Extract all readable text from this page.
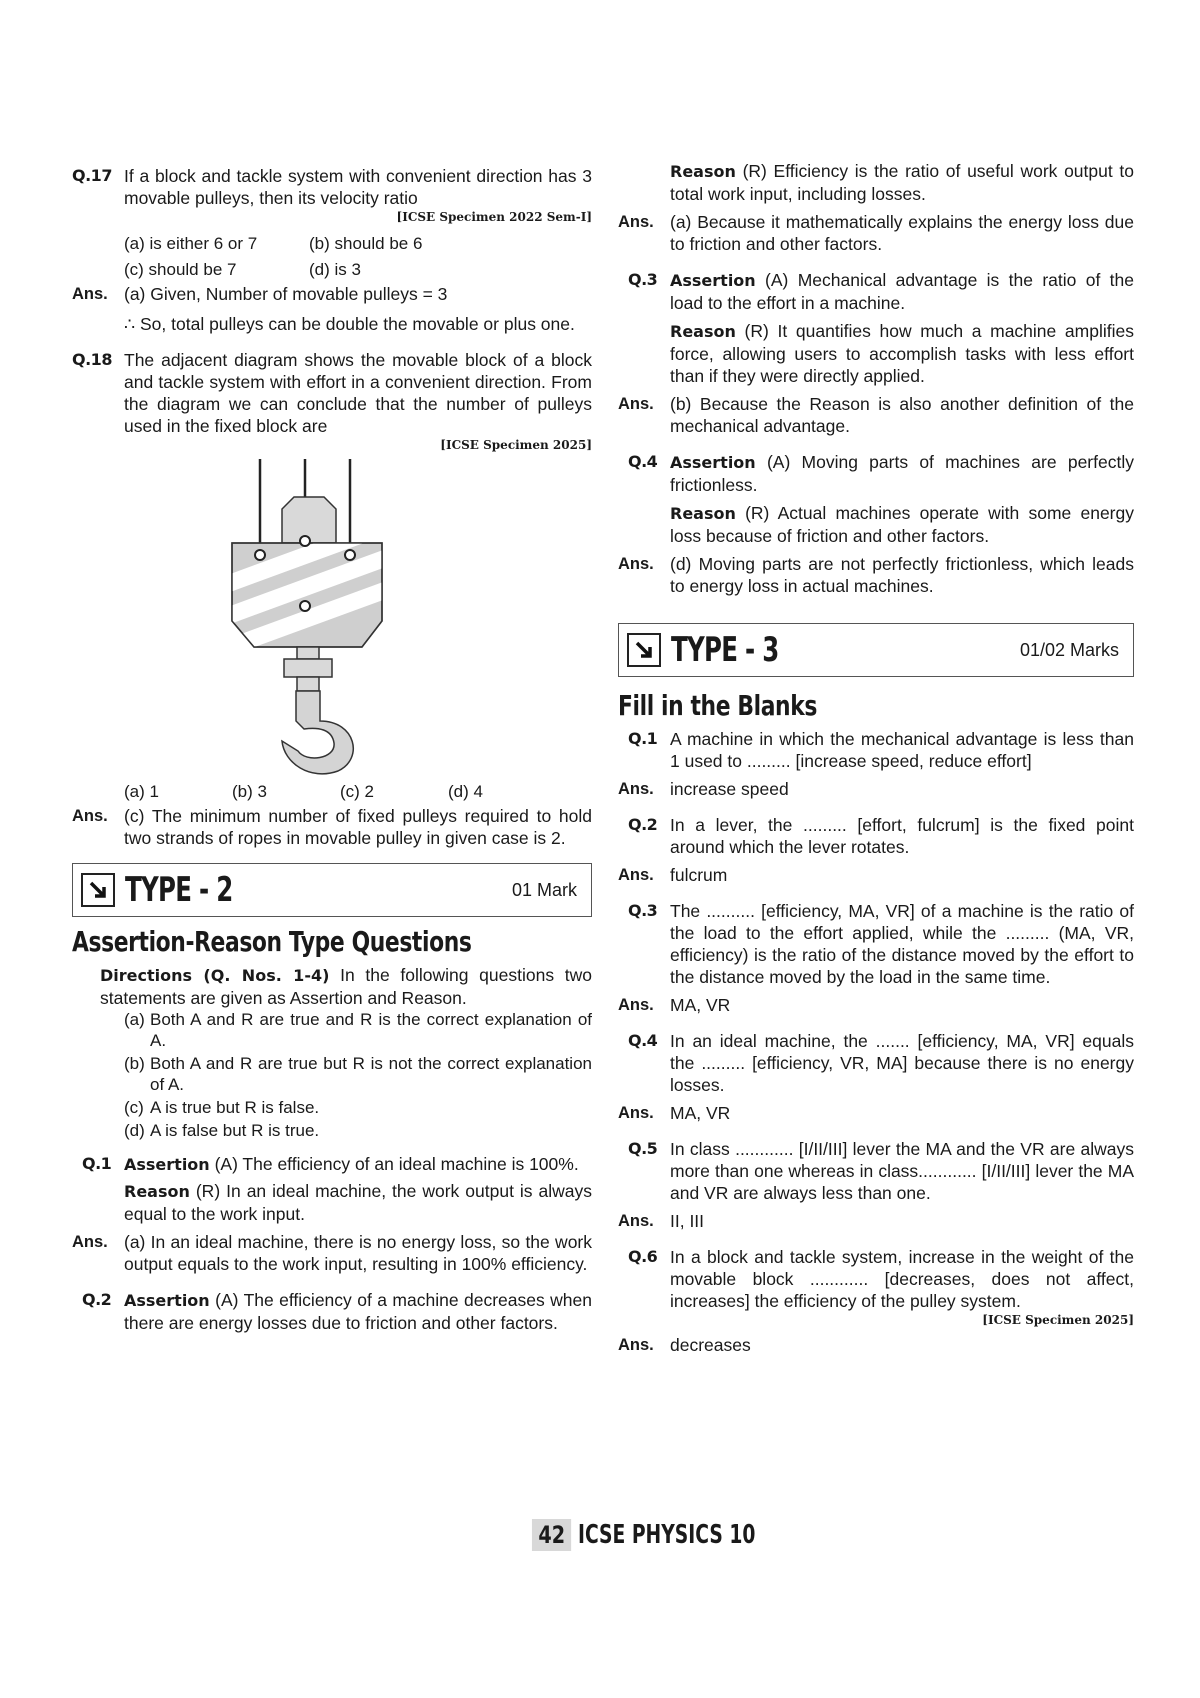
Q.17 If a block and tackle system with convenient direction has 3 movable pulleys, then its velocity ratio
[ICSE Specimen 2022 Sem-I]
(a) is either 6 or 7	(b) should be 6
(c) should be 7	(d) is 3
Ans. (a) Given, Number of movable pulleys = 3
∴ So, total pulleys can be double the movable or plus one.
Q.18 The adjacent diagram shows the movable block of a block and tackle system with effort in a convenient direction. From the diagram we can conclude that the number of pulleys used in the fixed block are
[ICSE Specimen 2025]
(a) 1	(b) 3	(c) 2	(d) 4
Ans. (c) The minimum number of fixed pulleys required to hold two strands of ropes in movable pulley in given case is 2.
TYPE - 2	01 Mark
Assertion-Reason Type Questions
Directions (Q. Nos. 1-4) In the following questions two statements are given as Assertion and Reason.
(a) Both A and R are true and R is the correct explanation of A.
(b) Both A and R are true but R is not the correct explanation of A.
(c) A is true but R is false.
(d) A is false but R is true.
Q.1 Assertion (A) The efficiency of an ideal machine is 100%.
Reason (R) In an ideal machine, the work output is always equal to the work input.
Ans. (a) In an ideal machine, there is no energy loss, so the work output equals to the work input, resulting in 100% efficiency.
Q.2 Assertion (A) The efficiency of a machine decreases when there are energy losses due to friction and other factors.
Reason (R) Efficiency is the ratio of useful work output to total work input, including losses.
Ans. (a) Because it mathematically explains the energy loss due to friction and other factors.
Q.3 Assertion (A) Mechanical advantage is the ratio of the load to the effort in a machine.
Reason (R) It quantifies how much a machine amplifies force, allowing users to accomplish tasks with less effort than if they were directly applied.
Ans. (b) Because the Reason is also another definition of the mechanical advantage.
Q.4 Assertion (A) Moving parts of machines are perfectly frictionless.
Reason (R) Actual machines operate with some energy loss because of friction and other factors.
Ans. (d) Moving parts are not perfectly frictionless, which leads to energy loss in actual machines.
TYPE - 3	01/02 Marks
Fill in the Blanks
Q.1 A machine in which the mechanical advantage is less than 1 used to ......... [increase speed, reduce effort]
Ans. increase speed
Q.2 In a lever, the ......... [effort, fulcrum] is the fixed point around which the lever rotates.
Ans. fulcrum
Q.3 The .......... [efficiency, MA, VR] of a machine is the ratio of the load to the effort applied, while the ......... (MA, VR, efficiency) is the ratio of the distance moved by the effort to the distance moved by the load in the same time.
Ans. MA, VR
Q.4 In an ideal machine, the ....... [efficiency, MA, VR] equals the ......... [efficiency, VR, MA] because there is no energy losses.
Ans. MA, VR
Q.5 In class ............ [I/II/III] lever the MA and the VR are always more than one whereas in class............ [I/II/III] lever the MA and VR are always less than one.
Ans. II, III
Q.6 In a block and tackle system, increase in the weight of the movable block ............ [decreases, does not affect, increases] the efficiency of the pulley system.
[ICSE Specimen 2025]
Ans. decreases
42 ICSE PHYSICS 10
